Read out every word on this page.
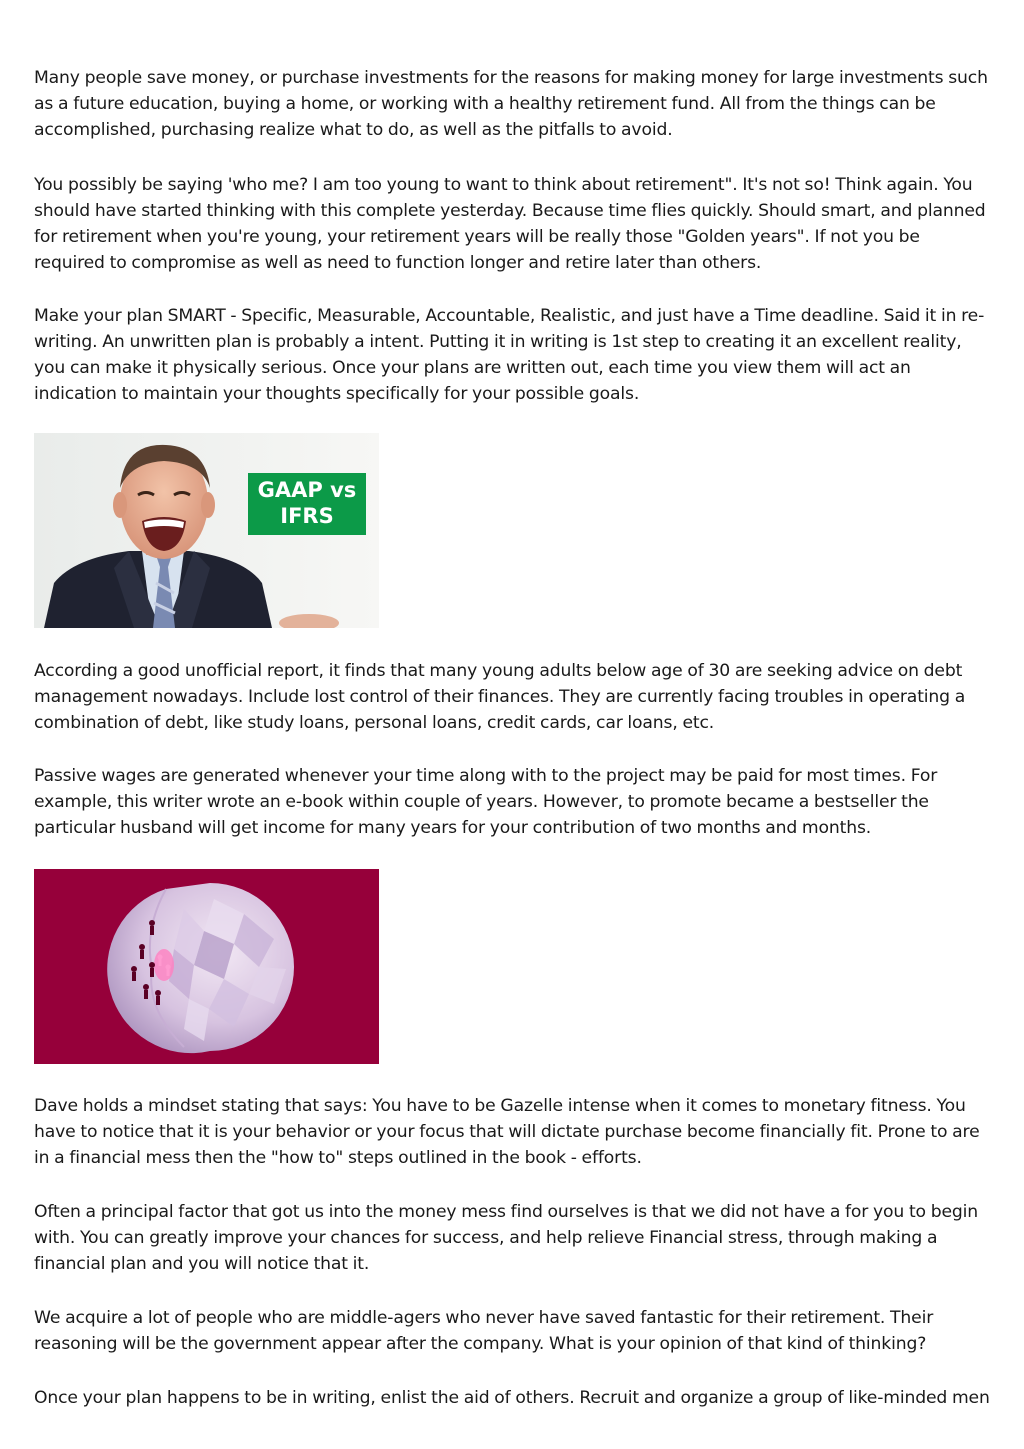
Many people save money, or purchase investments for the reasons for making money for large investments such as a future education, buying a home, or working with a healthy retirement fund. All from the things can be accomplished, purchasing realize what to do, as well as the pitfalls to avoid.

You possibly be saying 'who me? I am too young to want to think about retirement". It's not so! Think again. You should have started thinking with this complete yesterday. Because time flies quickly. Should smart, and planned for retirement when you're young, your retirement years will be really those "Golden years". If not you be required to compromise as well as need to function longer and retire later than others.

Make your plan SMART - Specific, Measurable, Accountable, Realistic, and just have a Time deadline. Said it in re-writing. An unwritten plan is probably a intent. Putting it in writing is 1st step to creating it an excellent reality, you can make it physically serious. Once your plans are written out, each time you view them will act an indication to maintain your thoughts specifically for your possible goals.

GAAP vs
IFRS

According a good unofficial report, it finds that many young adults below age of 30 are seeking advice on debt management nowadays. Include lost control of their finances. They are currently facing troubles in operating a combination of debt, like study loans, personal loans, credit cards, car loans, etc.

Passive wages are generated whenever your time along with to the project may be paid for most times. For example, this writer wrote an e-book within couple of years. However, to promote became a bestseller the particular husband will get income for many years for your contribution of two months and months.

Dave holds a mindset stating that says: You have to be Gazelle intense when it comes to monetary fitness. You have to notice that it is your behavior or your focus that will dictate purchase become financially fit. Prone to are in a financial mess then the "how to" steps outlined in the book - efforts.

Often a principal factor that got us into the money mess find ourselves is that we did not have a for you to begin with. You can greatly improve your chances for success, and help relieve Financial stress, through making a financial plan and you will notice that it.

We acquire a lot of people who are middle-agers who never have saved fantastic for their retirement. Their reasoning will be the government appear after the company. What is your opinion of that kind of thinking?

Once your plan happens to be in writing, enlist the aid of others. Recruit and organize a group of like-minded men
